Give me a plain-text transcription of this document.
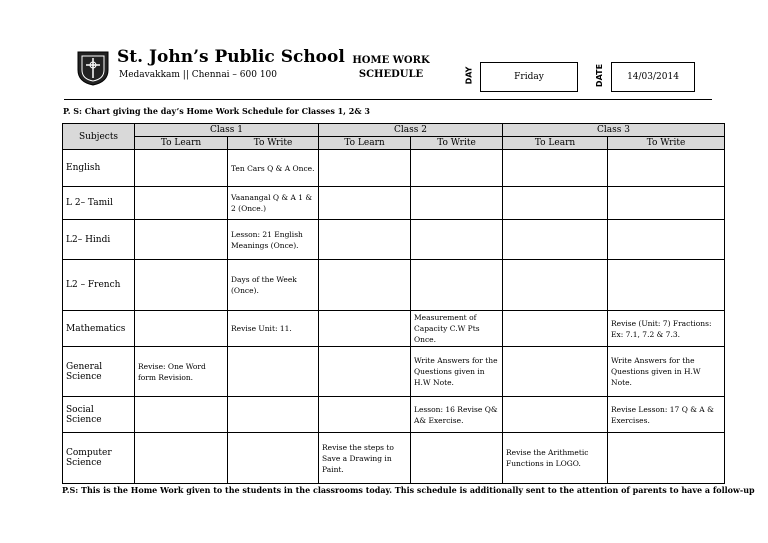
St. John’s Public School
Medavakkam || Chennai – 600 100
HOME WORK
SCHEDULE	DAY	Friday	DATE	14/03/2014
P. S: Chart giving the day’s Home Work Schedule for Classes 1, 2& 3
Subjects	Class 1		Class 2		Class 3	
	To Learn	To Write	To Learn	To Write	To Learn	To Write
English		Ten Cars Q & A Once.				
L 2– Tamil		Vaanangal Q & A 1 & 2 (Once.)				
L2– Hindi		Lesson: 21 English Meanings (Once).				
L2 – French		Days of the Week (Once).				
Mathematics		Revise Unit: 11.		Measurement of Capacity C.W Pts Once.		Revise (Unit: 7) Fractions: Ex: 7.1, 7.2 & 7.3.
General Science	Revise: One Word form Revision.			Write Answers for the Questions given in H.W Note.		Write Answers for the Questions given in H.W Note.
Social Science				Lesson: 16 Revise Q& A& Exercise.		Revise Lesson: 17 Q & A & Exercises.
Computer Science			Revise the steps to Save a Drawing in Paint.		Revise the Arithmetic Functions in LOGO.	
P.S: This is the Home Work given to the students in the classrooms today. This schedule is additionally sent to the attention of parents to have a follow-up
